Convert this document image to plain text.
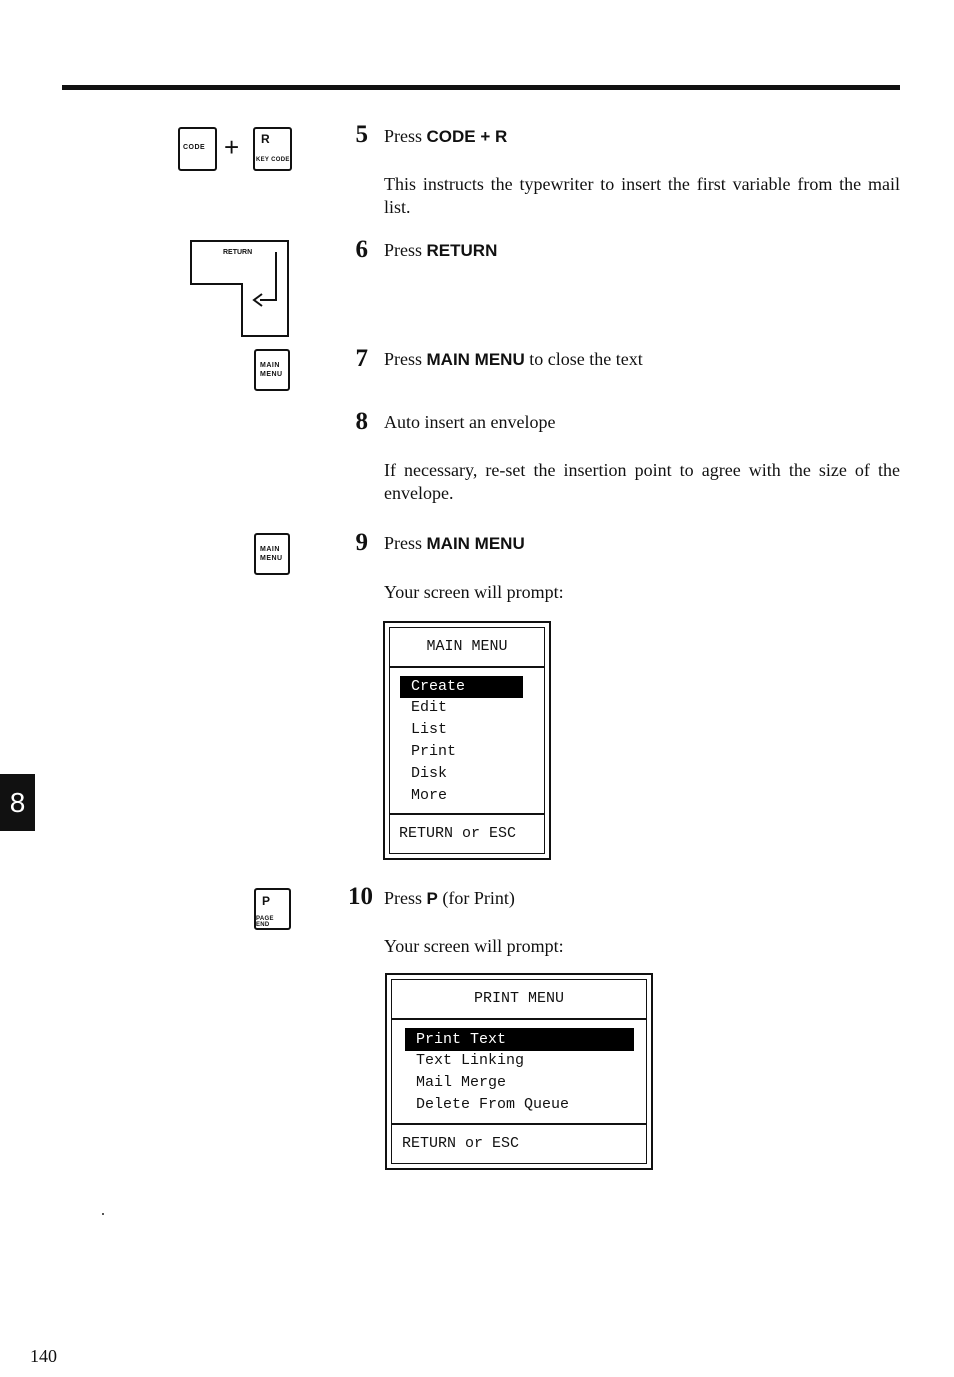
CODE + R
KEY CODE
RETURN
MAIN
MENU
MAIN
MENU
P
PAGE END
5 Press CODE + R
This instructs the typewriter to insert the first variable from the mail list.
6 Press RETURN
7 Press MAIN MENU to close the text
8 Auto insert an envelope
If necessary, re-set the insertion point to agree with the size of the envelope.
9 Press MAIN MENU
Your screen will prompt:
MAIN MENU
Create
Edit
List
Print
Disk
More
RETURN or ESC
10 Press P (for Print)
Your screen will prompt:
PRINT MENU
Print Text
Text Linking
Mail Merge
Delete From Queue
RETURN or ESC
8
140
